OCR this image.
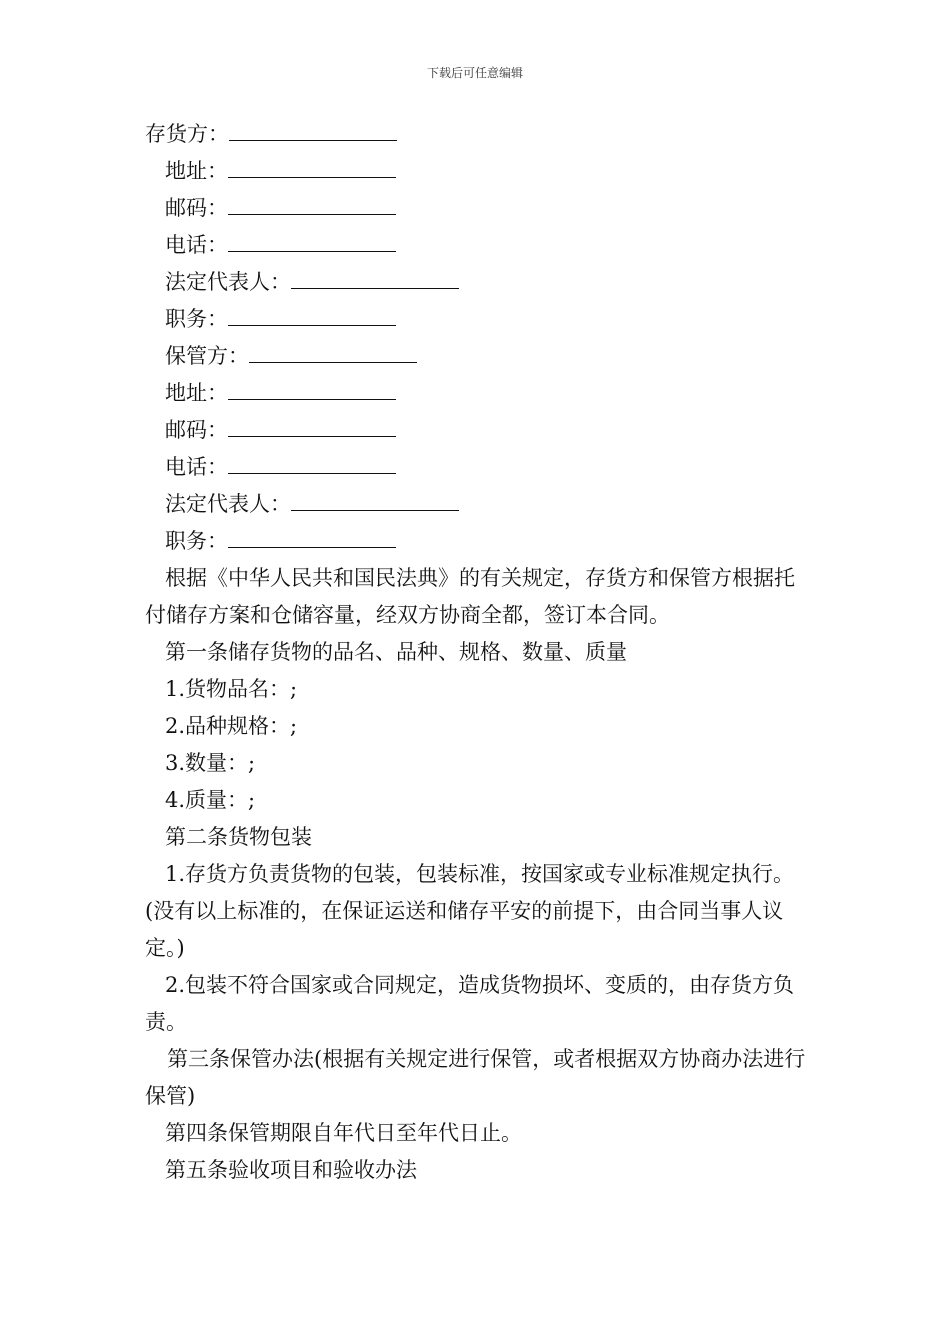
下载后可任意编辑
存货方：
地址：
邮码：
电话：
法定代表人：
职务：
保管方：
地址：
邮码：
电话：
法定代表人：
职务：
根据《中华人民共和国民法典》的有关规定，存货方和保管方根据托付储存方案和仓储容量，经双方协商全都，签订本合同。
第一条储存货物的品名、品种、规格、数量、质量
1.货物品名：;
2.品种规格：;
3.数量：;
4.质量：;
第二条货物包装
1.存货方负责货物的包装，包装标准，按国家或专业标准规定执行。(没有以上标准的，在保证运送和储存平安的前提下，由合同当事人议定。)
2.包装不符合国家或合同规定，造成货物损坏、变质的，由存货方负责。
第三条保管办法(根据有关规定进行保管，或者根据双方协商办法进行保管)
第四条保管期限自年代日至年代日止。
第五条验收项目和验收办法
